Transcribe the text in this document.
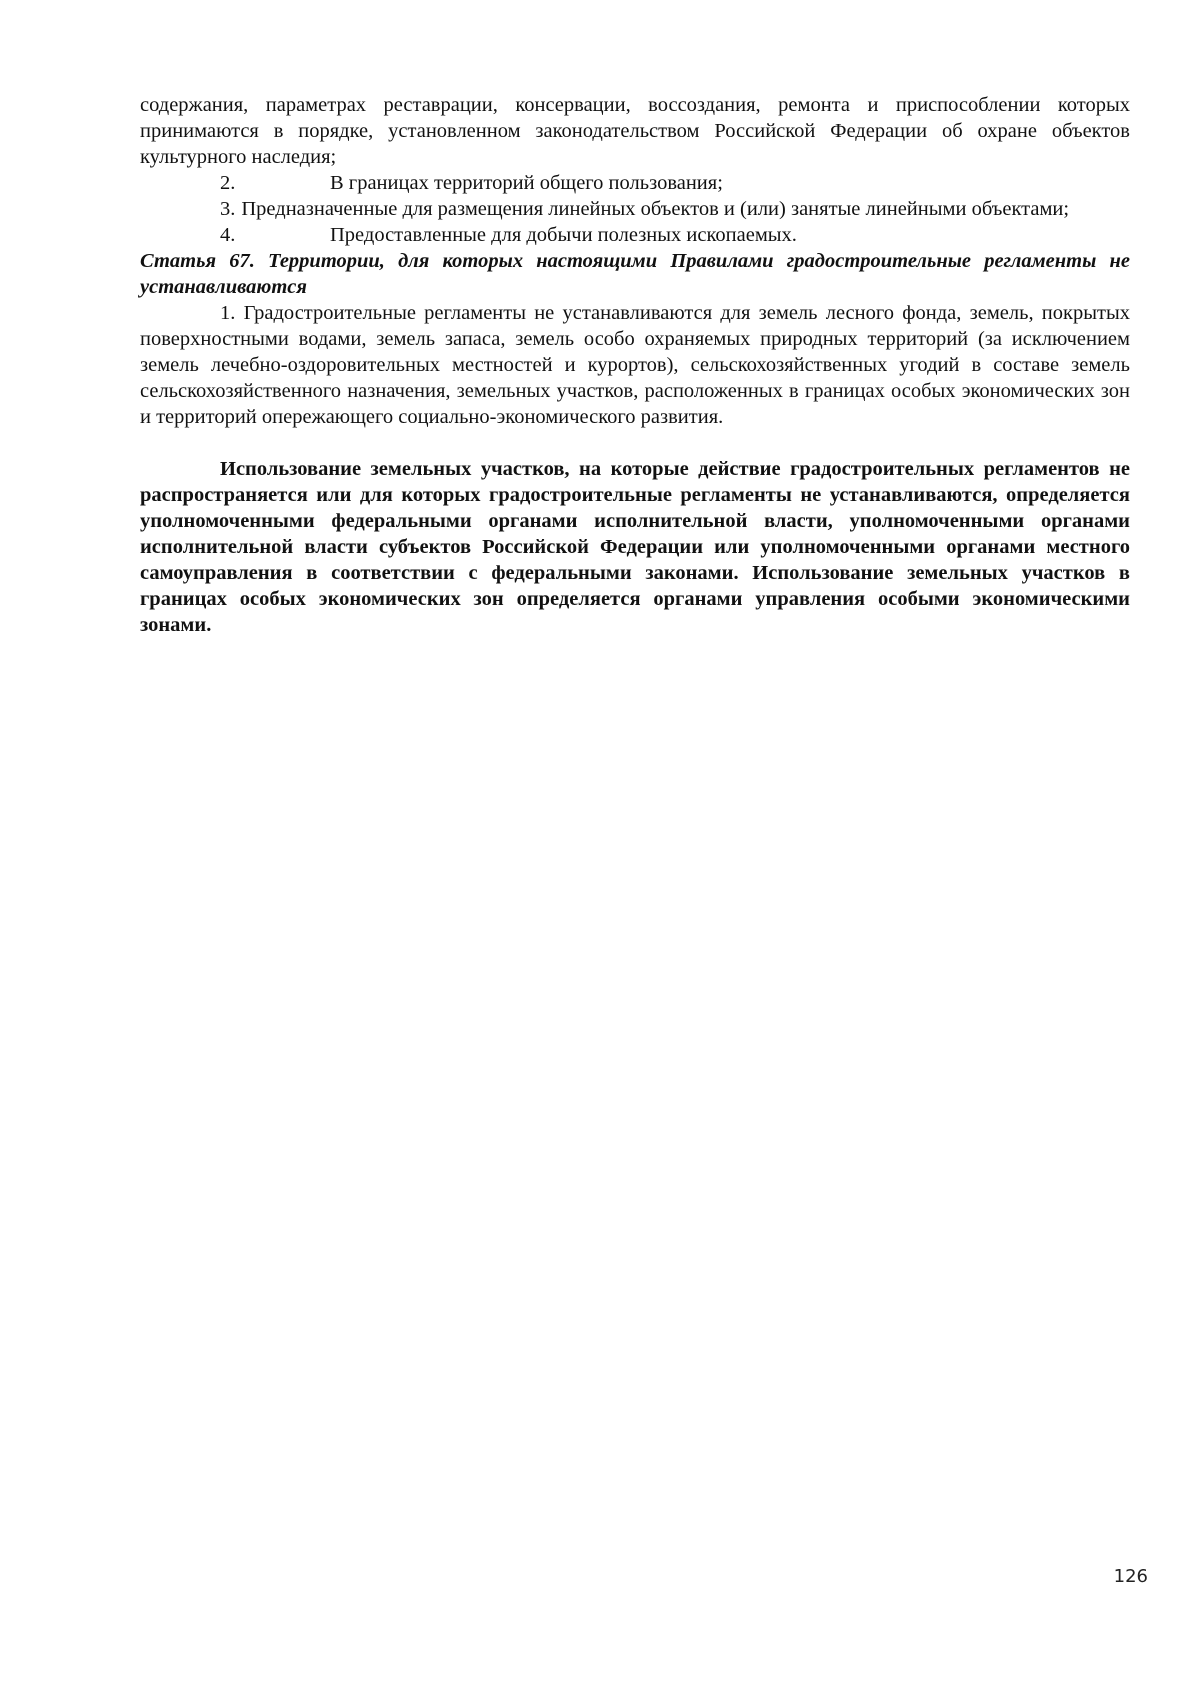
содержания, параметрах реставрации, консервации, воссоздания, ремонта и приспособлении которых принимаются в порядке, установленном законодательством Российской Федерации об охране объектов культурного наследия;

2.	В границах территорий общего пользования;

3. Предназначенные для размещения линейных объектов и (или) занятые линейными объектами;

4.	Предоставленные для добычи полезных ископаемых.

Статья 67. Территории, для которых настоящими Правилами градостроительные регламенты не устанавливаются

1. Градостроительные регламенты не устанавливаются для земель лесного фонда, земель, покрытых поверхностными водами, земель запаса, земель особо охраняемых природных территорий (за исключением земель лечебно-оздоровительных местностей и курортов), сельскохозяйственных угодий в составе земель сельскохозяйственного назначения, земельных участков, расположенных в границах особых экономических зон и территорий опережающего социально-экономического развития.

Использование земельных участков, на которые действие градостроительных регламентов не распространяется или для которых градостроительные регламенты не устанавливаются, определяется уполномоченными федеральными органами исполнительной власти, уполномоченными органами исполнительной власти субъектов Российской Федерации или уполномоченными органами местного самоуправления в соответствии с федеральными законами. Использование земельных участков в границах особых экономических зон определяется органами управления особыми экономическими зонами.

126
